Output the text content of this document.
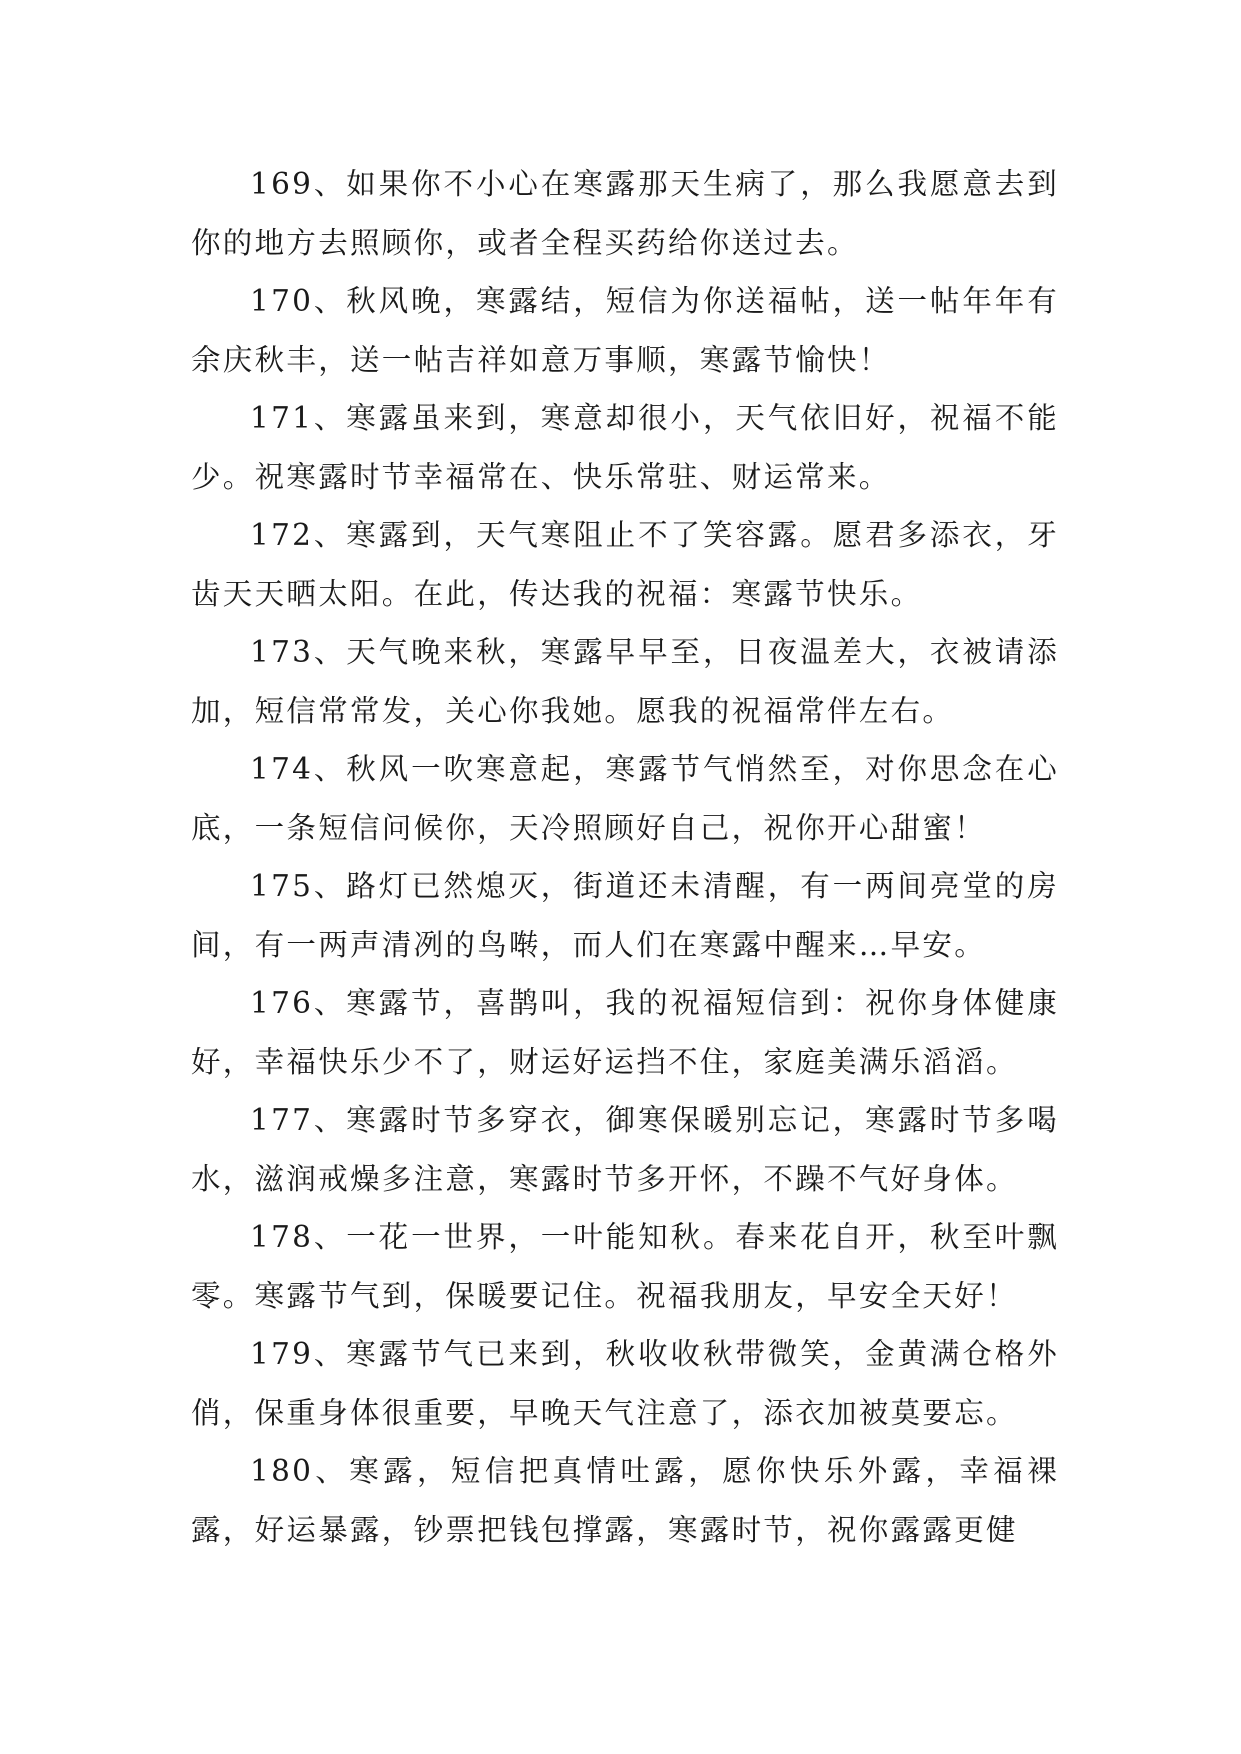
169、如果你不小心在寒露那天生病了，那么我愿意去到你的地方去照顾你，或者全程买药给你送过去。

170、秋风晚，寒露结，短信为你送福帖，送一帖年年有余庆秋丰，送一帖吉祥如意万事顺，寒露节愉快！

171、寒露虽来到，寒意却很小，天气依旧好，祝福不能少。祝寒露时节幸福常在、快乐常驻、财运常来。

172、寒露到，天气寒阻止不了笑容露。愿君多添衣，牙齿天天晒太阳。在此，传达我的祝福：寒露节快乐。

173、天气晚来秋，寒露早早至，日夜温差大，衣被请添加，短信常常发，关心你我她。愿我的祝福常伴左右。

174、秋风一吹寒意起，寒露节气悄然至，对你思念在心底，一条短信问候你，天冷照顾好自己，祝你开心甜蜜！

175、路灯已然熄灭，街道还未清醒，有一两间亮堂的房间，有一两声清冽的鸟啭，而人们在寒露中醒来…早安。

176、寒露节，喜鹊叫，我的祝福短信到：祝你身体健康好，幸福快乐少不了，财运好运挡不住，家庭美满乐滔滔。

177、寒露时节多穿衣，御寒保暖别忘记，寒露时节多喝水，滋润戒燥多注意，寒露时节多开怀，不躁不气好身体。

178、一花一世界，一叶能知秋。春来花自开，秋至叶飘零。寒露节气到，保暖要记住。祝福我朋友，早安全天好！

179、寒露节气已来到，秋收收秋带微笑，金黄满仓格外俏，保重身体很重要，早晚天气注意了，添衣加被莫要忘。

180、寒露，短信把真情吐露，愿你快乐外露，幸福裸露，好运暴露，钞票把钱包撑露，寒露时节，祝你露露更健
